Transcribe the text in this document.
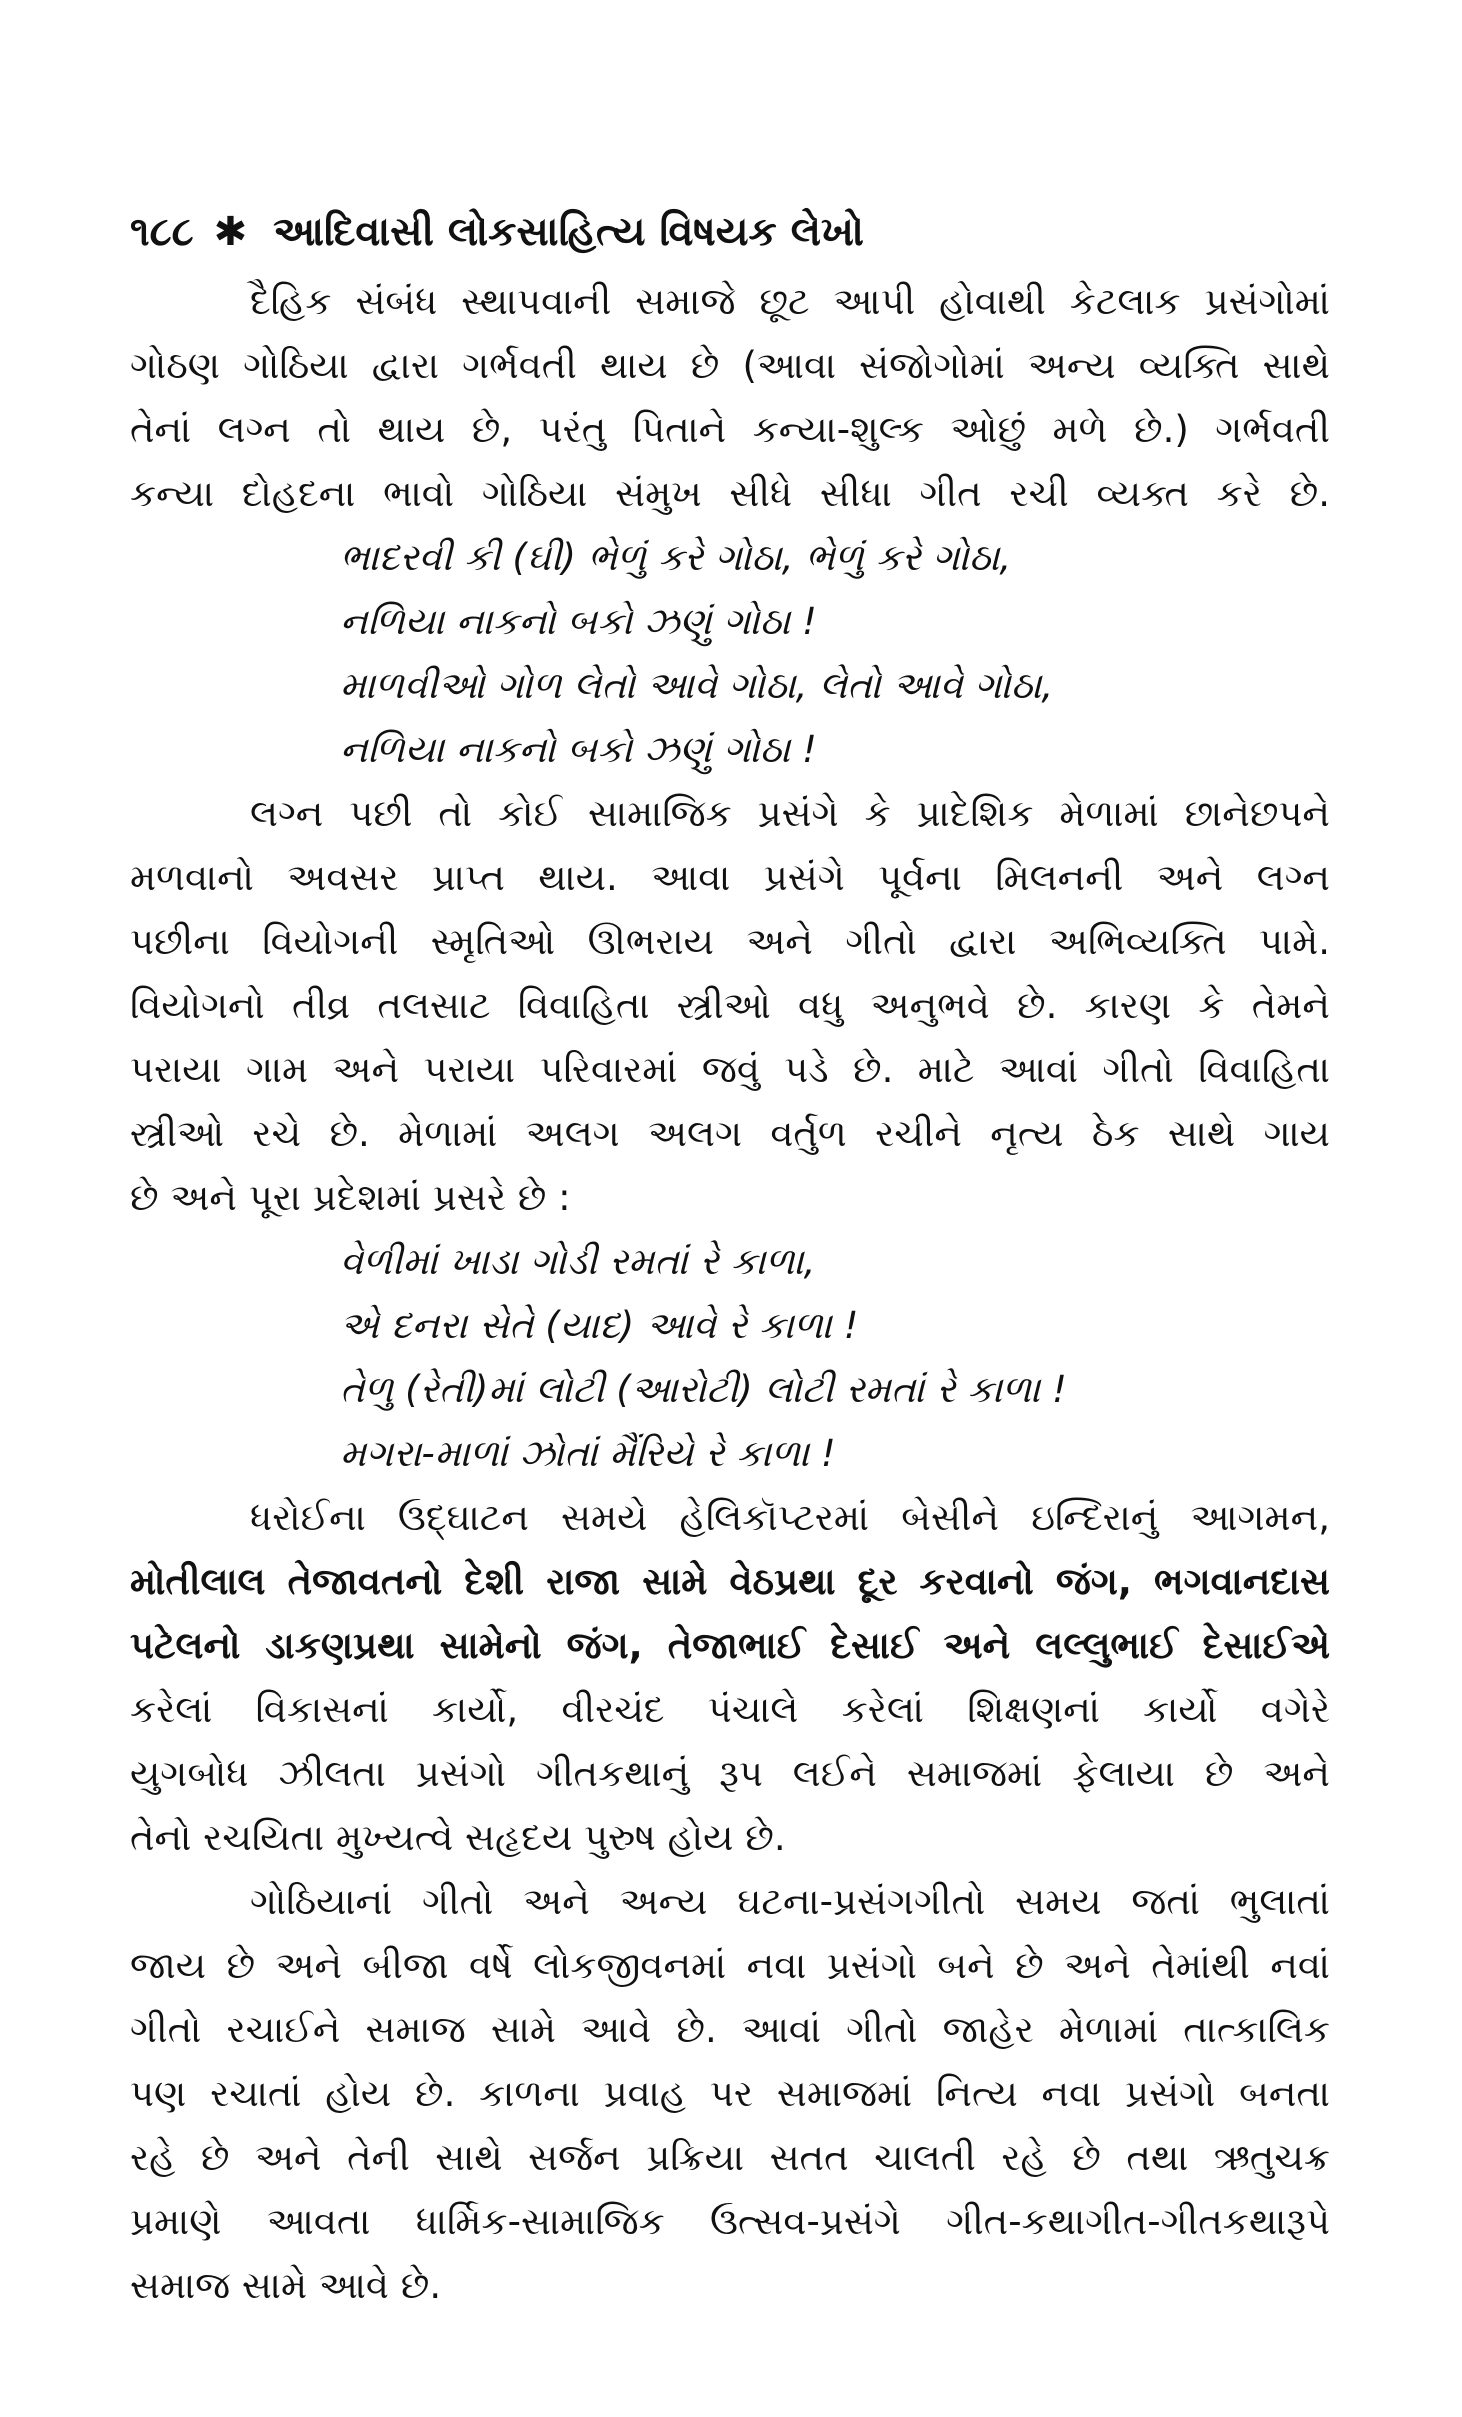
૧૮૮ ✱ આદિવાસી લોકસાહિત્ય વિષયક લેખો
દૈહિક સંબંધ સ્થાપવાની સમાજે છૂટ આપી હોવાથી કેટલાક પ્રસંગોમાં
ગોઠણ ગોઠિયા દ્વારા ગર્ભવતી થાય છે (આવા સંજોગોમાં અન્ય વ્યક્તિ સાથે
તેનાં લગ્ન તો થાય છે, પરંતુ પિતાને કન્યા-શુલ્ક ઓછું મળે છે.) ગર્ભવતી
કન્યા દોહદના ભાવો ગોઠિયા સંમુખ સીધે સીધા ગીત રચી વ્યક્ત કરે છે.
ભાદરવી કી (ઘી) ભેળું કરે ગોઠા, ભેળું કરે ગોઠા,
નળિયા નાકનો બકો ઝણું ગોઠા !
માળવીઓ ગોળ લેતો આવે ગોઠા, લેતો આવે ગોઠા,
નળિયા નાકનો બકો ઝણું ગોઠા !
લગ્ન પછી તો કોઈ સામાજિક પ્રસંગે કે પ્રાદેશિક મેળામાં છાનેછપને
મળવાનો અવસર પ્રાપ્ત થાય. આવા પ્રસંગે પૂર્વના મિલનની અને લગ્ન
પછીના વિયોગની સ્મૃતિઓ ઊભરાય અને ગીતો દ્વારા અભિવ્યક્તિ પામે.
વિયોગનો તીવ્ર તલસાટ વિવાહિતા સ્ત્રીઓ વધુ અનુભવે છે. કારણ કે તેમને
પરાયા ગામ અને પરાયા પરિવારમાં જવું પડે છે. માટે આવાં ગીતો વિવાહિતા
સ્ત્રીઓ રચે છે. મેળામાં અલગ અલગ વર્તુળ રચીને નૃત્ય ઠેક સાથે ગાય
છે અને પૂરા પ્રદેશમાં પ્રસરે છે :
વેળીમાં ખાડા ગોડી રમતાં રે કાળા,
એ દનરા સેતે (યાદ) આવે રે કાળા !
તેળુ (રેતી)માં લોટી (આરોટી) લોટી રમતાં રે કાળા !
મગરા-માળાં ઝોતાં મૈંરિયે રે કાળા !
ધરોઈના ઉદ્ઘાટન સમયે હેલિકૉપ્ટરમાં બેસીને ઇન્દિરાનું આગમન,
મોતીલાલ તેજાવતનો દેશી રાજા સામે વેઠપ્રથા દૂર કરવાનો જંગ, ભગવાનદાસ
પટેલનો ડાકણપ્રથા સામેનો જંગ, તેજાભાઈ દેસાઈ અને લલ્લુભાઈ દેસાઈએ
કરેલાં વિકાસનાં કાર્યો, વીરચંદ પંચાલે કરેલાં શિક્ષણનાં કાર્યો વગેરે
યુગબોધ ઝીલતા પ્રસંગો ગીતકથાનું રૂપ લઈને સમાજમાં ફેલાયા છે અને
તેનો રચયિતા મુખ્યત્વે સહૃદય પુરુષ હોય છે.
ગોઠિયાનાં ગીતો અને અન્ય ઘટના-પ્રસંગગીતો સમય જતાં ભુલાતાં
જાય છે અને બીજા વર્ષે લોકજીવનમાં નવા પ્રસંગો બને છે અને તેમાંથી નવાં
ગીતો રચાઈને સમાજ સામે આવે છે. આવાં ગીતો જાહેર મેળામાં તાત્કાલિક
પણ રચાતાં હોય છે. કાળના પ્રવાહ પર સમાજમાં નિત્ય નવા પ્રસંગો બનતા
રહે છે અને તેની સાથે સર્જન પ્રક્રિયા સતત ચાલતી રહે છે તથા ઋતુચક્ર
પ્રમાણે આવતા ધાર્મિક-સામાજિક ઉત્સવ-પ્રસંગે ગીત-કથાગીત-ગીતકથારૂપે
સમાજ સામે આવે છે.
